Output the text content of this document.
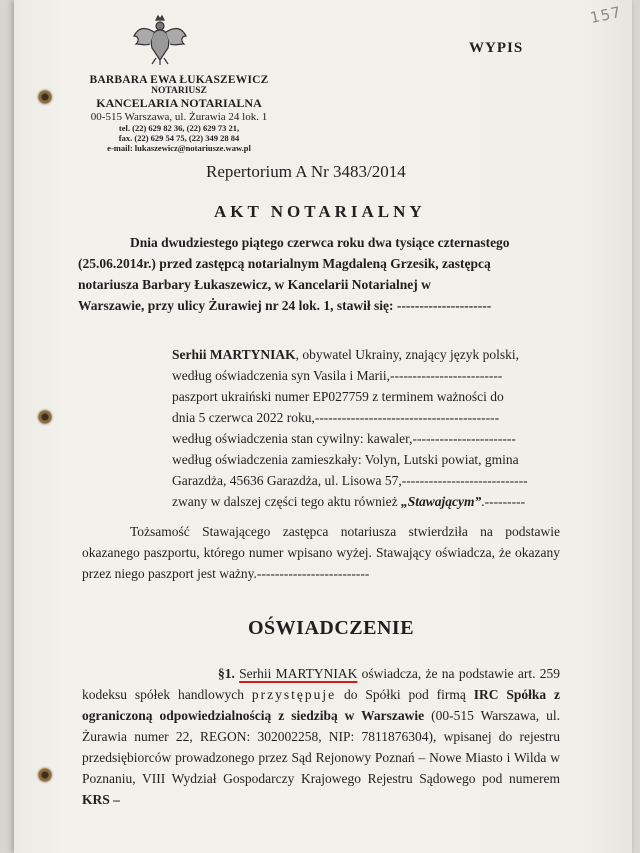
157
WYPIS
BARBARA EWA ŁUKASZEWICZ
NOTARIUSZ
KANCELARIA NOTARIALNA
00-515 Warszawa, ul. Żurawia 24 lok. 1
tel. (22) 629 82 36, (22) 629 73 21,
fax. (22) 629 54 75, (22) 349 28 84
e-mail: lukaszewicz@notariusze.waw.pl
Repertorium A Nr 3483/2014
AKT NOTARIALNY
Dnia dwudziestego piątego czerwca roku dwa tysiące czternastego
(25.06.2014r.) przed zastępcą notarialnym Magdaleną Grzesik, zastępcą
notariusza Barbary Łukaszewicz, w Kancelarii Notarialnej w
Warszawie, przy ulicy Żurawiej nr 24 lok. 1, stawił się: ---------------------
Serhii MARTYNIAK, obywatel Ukrainy, znający język polski,
według oświadczenia syn Vasila i Marii,-------------------------
paszport ukraiński numer EP027759 z terminem ważności do
dnia 5 czerwca 2022 roku,-----------------------------------------
według oświadczenia stan cywilny: kawaler,-----------------------
według oświadczenia zamieszkały: Volyn, Lutski powiat, gmina
Garazdża, 45636 Garazdża, ul. Lisowa 57,----------------------------
zwany w dalszej części tego aktu również „Stawającym”.---------
Tożsamość Stawającego zastępca notariusza stwierdziła na podstawie okazanego paszportu, którego numer wpisano wyżej. Stawający oświadcza, że okazany przez niego paszport jest ważny.-------------------------
OŚWIADCZENIE
§1. Serhii MARTYNIAK oświadcza, że na podstawie art. 259 kodeksu spółek handlowych przystępuje do Spółki pod firmą IRC Spółka z ograniczoną odpowiedzialnością z siedzibą w Warszawie (00-515 Warszawa, ul. Żurawia numer 22, REGON: 302002258, NIP: 7811876304), wpisanej do rejestru przedsiębiorców prowadzonego przez Sąd Rejonowy Poznań – Nowe Miasto i Wilda w Poznaniu, VIII Wydział Gospodarczy Krajowego Rejestru Sądowego pod numerem KRS –
